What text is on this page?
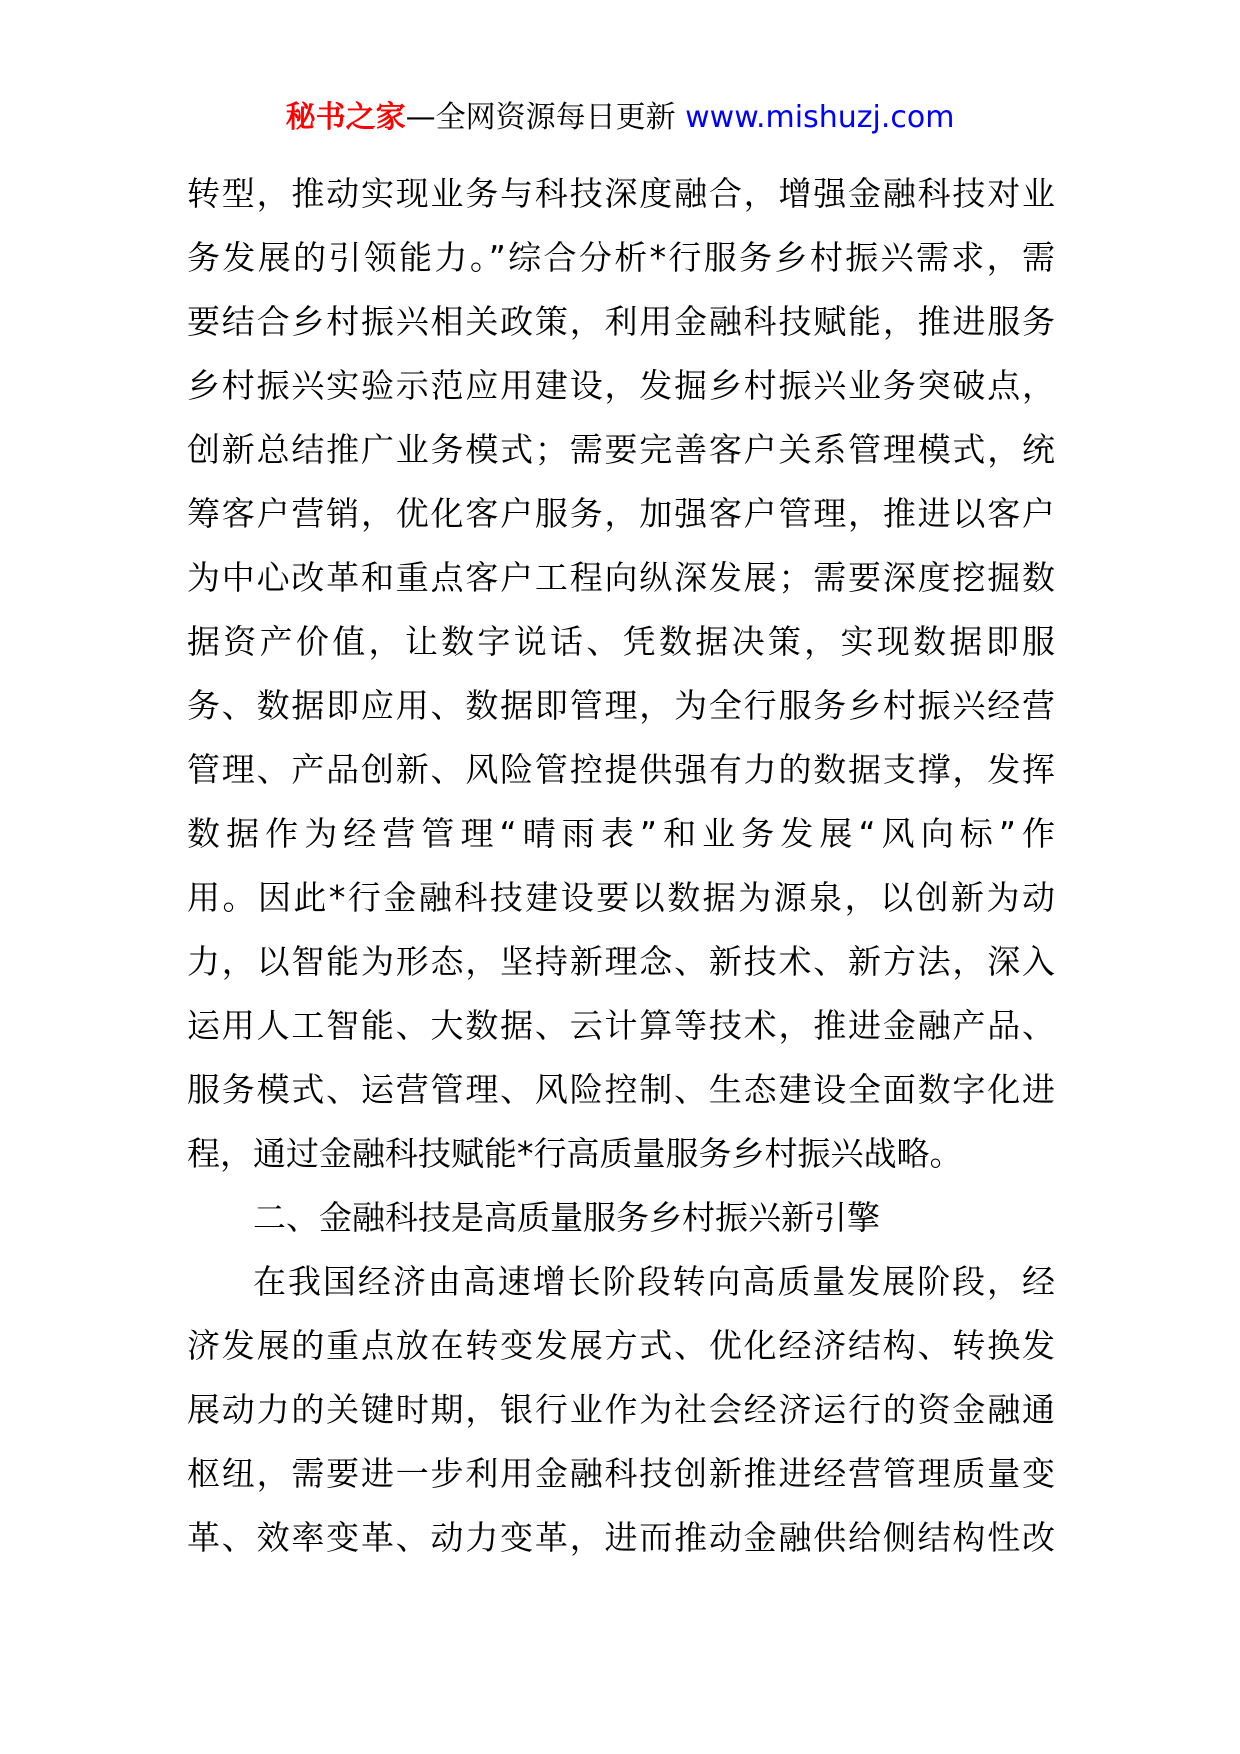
秘书之家—全网资源每日更新 www.mishuzj.com
转型，推动实现业务与科技深度融合，增强金融科技对业
务发展的引领能力。”综合分析*行服务乡村振兴需求，需
要结合乡村振兴相关政策，利用金融科技赋能，推进服务
乡村振兴实验示范应用建设，发掘乡村振兴业务突破点，
创新总结推广业务模式；需要完善客户关系管理模式，统
筹客户营销，优化客户服务，加强客户管理，推进以客户
为中心改革和重点客户工程向纵深发展；需要深度挖掘数
据资产价值，让数字说话、凭数据决策，实现数据即服
务、数据即应用、数据即管理，为全行服务乡村振兴经营
管理、产品创新、风险管控提供强有力的数据支撑，发挥
数据作为经营管理“晴雨表”和业务发展“风向标”作
用。因此*行金融科技建设要以数据为源泉，以创新为动
力，以智能为形态，坚持新理念、新技术、新方法，深入
运用人工智能、大数据、云计算等技术，推进金融产品、
服务模式、运营管理、风险控制、生态建设全面数字化进
程，通过金融科技赋能*行高质量服务乡村振兴战略。
二、金融科技是高质量服务乡村振兴新引擎
在我国经济由高速增长阶段转向高质量发展阶段，经
济发展的重点放在转变发展方式、优化经济结构、转换发
展动力的关键时期，银行业作为社会经济运行的资金融通
枢纽，需要进一步利用金融科技创新推进经营管理质量变
革、效率变革、动力变革，进而推动金融供给侧结构性改
